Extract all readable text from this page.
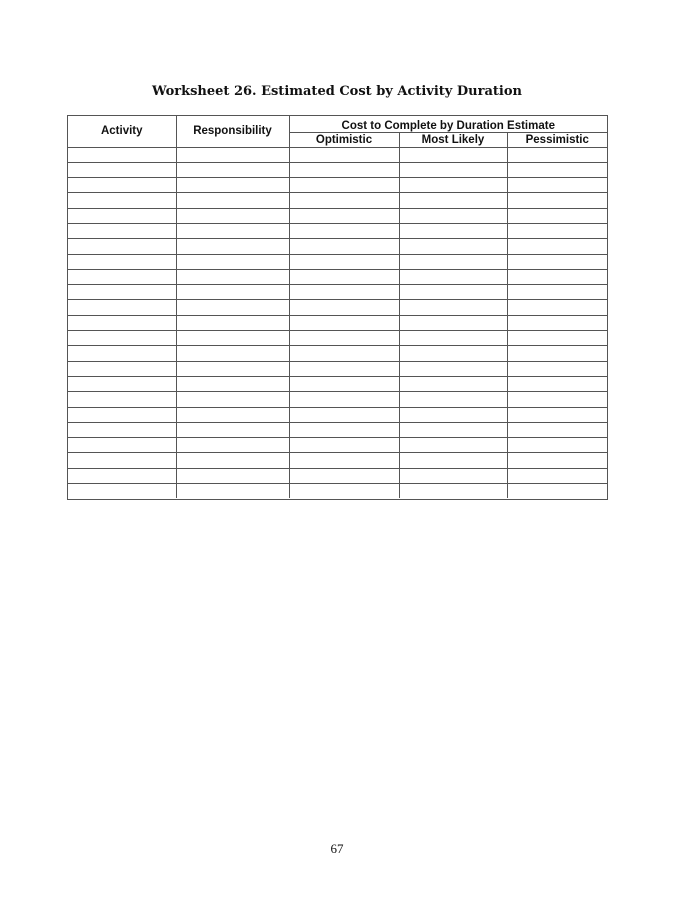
Worksheet 26. Estimated Cost by Activity Duration
Activity	Responsibility	Cost to Complete by Duration Estimate		
		Optimistic	Most Likely	Pessimistic

67
